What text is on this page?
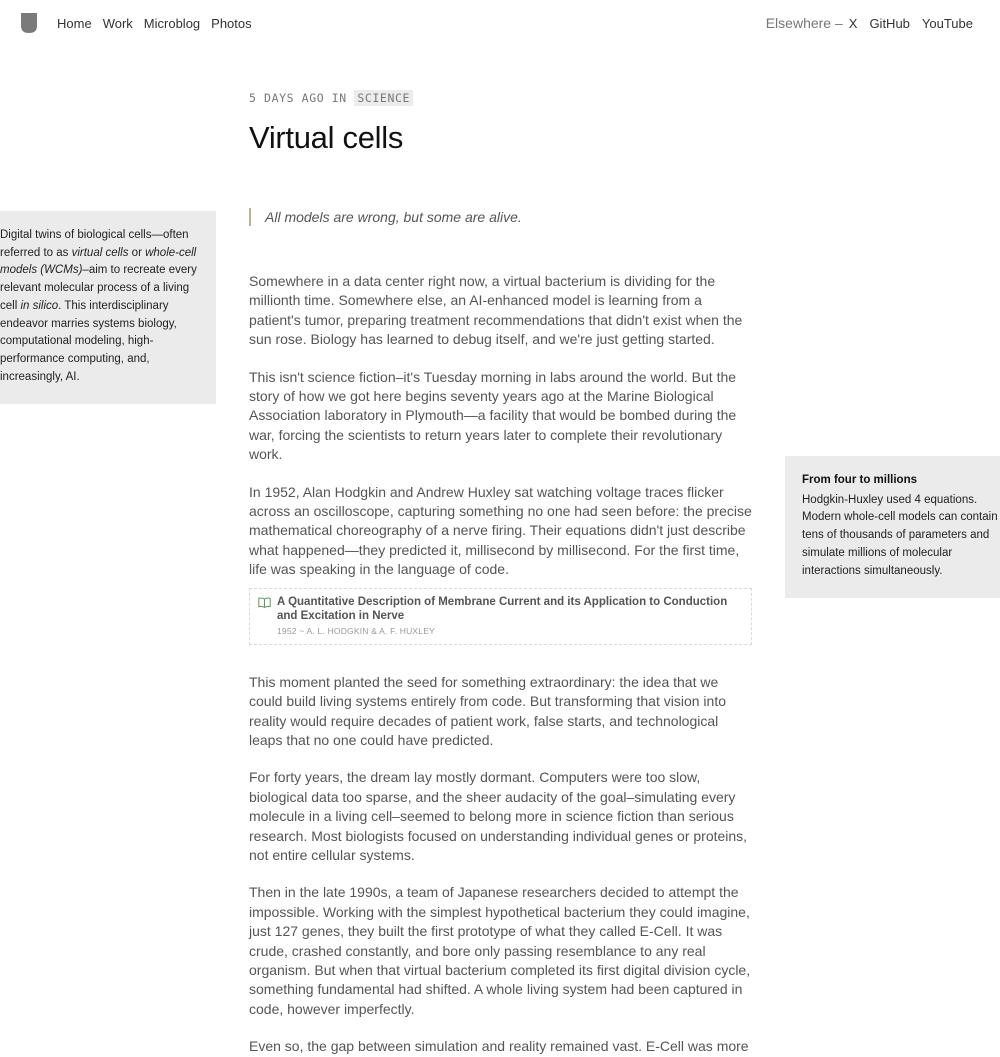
Home Work Microblog Photos	Elsewhere – X GitHub YouTube
Digital twins of biological cells—often referred to as virtual cells or whole-cell models (WCMs)–aim to recreate every relevant molecular process of a living cell in silico. This interdisciplinary endeavor marries systems biology, computational modeling, high-performance computing, and, increasingly, AI.
From four to millions
Hodgkin-Huxley used 4 equations. Modern whole-cell models can contain tens of thousands of parameters and simulate millions of molecular interactions simultaneously.
5 DAYS AGO IN SCIENCE
Virtual cells
All models are wrong, but some are alive.

Somewhere in a data center right now, a virtual bacterium is dividing for the millionth time. Somewhere else, an AI-enhanced model is learning from a patient's tumor, preparing treatment recommendations that didn't exist when the sun rose. Biology has learned to debug itself, and we're just getting started.

This isn't science fiction–it's Tuesday morning in labs around the world. But the story of how we got here begins seventy years ago at the Marine Biological Association laboratory in Plymouth—a facility that would be bombed during the war, forcing the scientists to return years later to complete their revolutionary work.

In 1952, Alan Hodgkin and Andrew Huxley sat watching voltage traces flicker across an oscilloscope, capturing something no one had seen before: the precise mathematical choreography of a nerve firing. Their equations didn't just describe what happened—they predicted it, millisecond by millisecond. For the first time, life was speaking in the language of code.

A Quantitative Description of Membrane Current and its Application to Conduction and Excitation in Nerve
1952 ~ A. L. HODGKIN & A. F. HUXLEY

This moment planted the seed for something extraordinary: the idea that we could build living systems entirely from code. But transforming that vision into reality would require decades of patient work, false starts, and technological leaps that no one could have predicted.

For forty years, the dream lay mostly dormant. Computers were too slow, biological data too sparse, and the sheer audacity of the goal–simulating every molecule in a living cell–seemed to belong more in science fiction than serious research. Most biologists focused on understanding individual genes or proteins, not entire cellular systems.

Then in the late 1990s, a team of Japanese researchers decided to attempt the impossible. Working with the simplest hypothetical bacterium they could imagine, just 127 genes, they built the first prototype of what they called E-Cell. It was crude, crashed constantly, and bore only passing resemblance to any real organism. But when that virtual bacterium completed its first digital division cycle, something fundamental had shifted. A whole living system had been captured in code, however imperfectly.

Even so, the gap between simulation and reality remained vast. E-Cell was more
